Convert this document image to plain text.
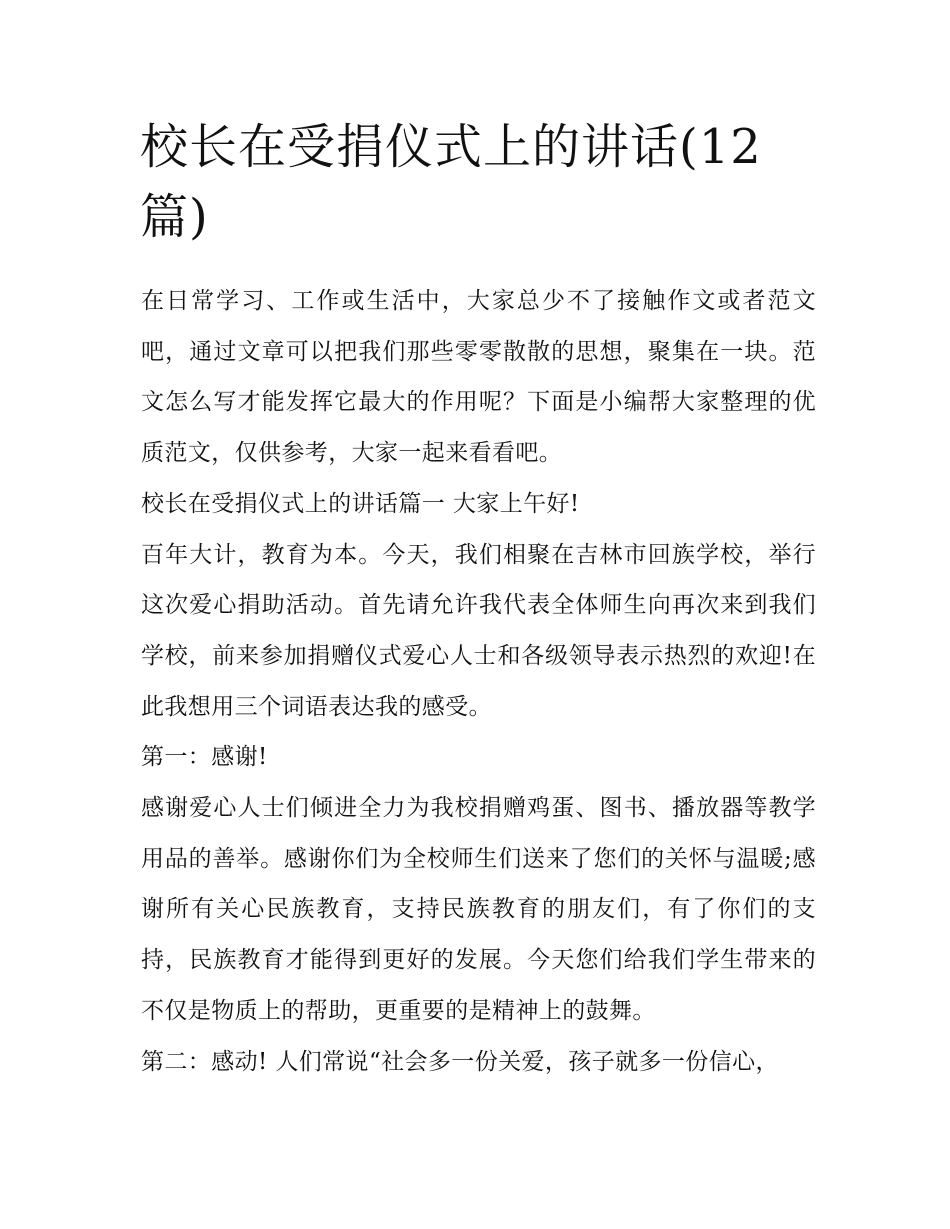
校长在受捐仪式上的讲话(12篇)

在日常学习、工作或生活中，大家总少不了接触作文或者范文吧，通过文章可以把我们那些零零散散的思想，聚集在一块。范文怎么写才能发挥它最大的作用呢？下面是小编帮大家整理的优质范文，仅供参考，大家一起来看看吧。

校长在受捐仪式上的讲话篇一 大家上午好!

百年大计，教育为本。今天，我们相聚在吉林市回族学校，举行这次爱心捐助活动。首先请允许我代表全体师生向再次来到我们学校，前来参加捐赠仪式爱心人士和各级领导表示热烈的欢迎!在此我想用三个词语表达我的感受。

第一：感谢!

感谢爱心人士们倾进全力为我校捐赠鸡蛋、图书、播放器等教学用品的善举。感谢你们为全校师生们送来了您们的关怀与温暖;感谢所有关心民族教育，支持民族教育的朋友们，有了你们的支持，民族教育才能得到更好的发展。今天您们给我们学生带来的不仅是物质上的帮助，更重要的是精神上的鼓舞。

第二：感动! 人们常说“社会多一份关爱，孩子就多一份信心，
